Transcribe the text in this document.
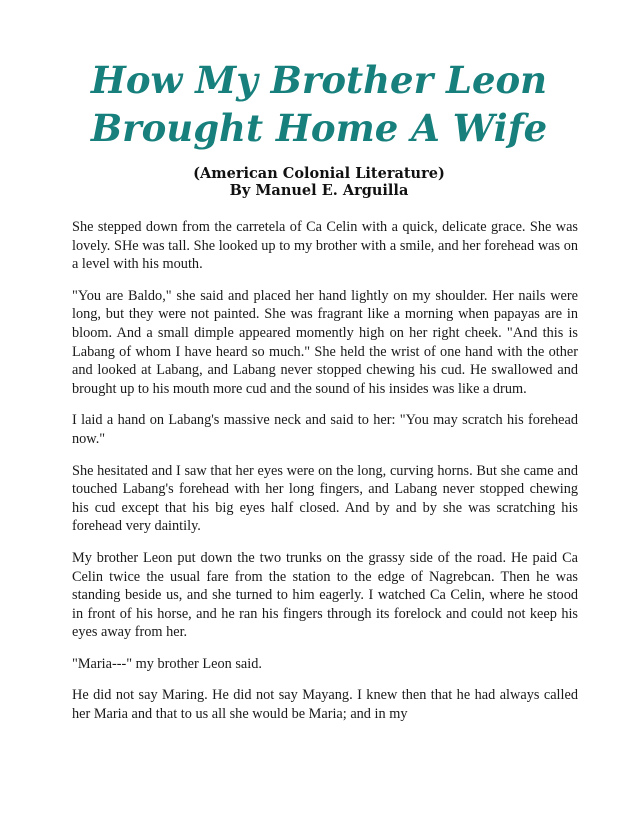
How My Brother Leon
Brought Home A Wife
(American Colonial Literature)
By Manuel E. Arguilla

She stepped down from the carretela of Ca Celin with a quick, delicate grace. She was lovely. SHe was tall. She looked up to my brother with a smile, and her forehead was on a level with his mouth.

"You are Baldo," she said and placed her hand lightly on my shoulder. Her nails were long, but they were not painted. She was fragrant like a morning when papayas are in bloom. And a small dimple appeared momently high on her right cheek. "And this is Labang of whom I have heard so much." She held the wrist of one hand with the other and looked at Labang, and Labang never stopped chewing his cud. He swallowed and brought up to his mouth more cud and the sound of his insides was like a drum.

I laid a hand on Labang's massive neck and said to her: "You may scratch his forehead now."

She hesitated and I saw that her eyes were on the long, curving horns. But she came and touched Labang's forehead with her long fingers, and Labang never stopped chewing his cud except that his big eyes half closed. And by and by she was scratching his forehead very daintily.

My brother Leon put down the two trunks on the grassy side of the road. He paid Ca Celin twice the usual fare from the station to the edge of Nagrebcan. Then he was standing beside us, and she turned to him eagerly. I watched Ca Celin, where he stood in front of his horse, and he ran his fingers through its forelock and could not keep his eyes away from her.

"Maria---" my brother Leon said.

He did not say Maring. He did not say Mayang. I knew then that he had always called her Maria and that to us all she would be Maria; and in my
